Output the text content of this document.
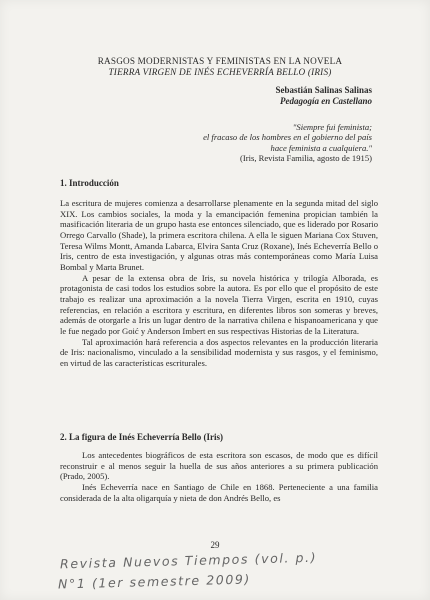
RASGOS MODERNISTAS Y FEMINISTAS EN LA NOVELA
TIERRA VIRGEN DE INÉS ECHEVERRÍA BELLO (IRIS)
Sebastián Salinas Salinas
Pedagogía en Castellano
"Siempre fui feminista;
el fracaso de los hombres en el gobierno del país
hace feminista a cualquiera."
(Iris, Revista Familia, agosto de 1915)
1. Introducción

La escritura de mujeres comienza a desarrollarse plenamente en la segunda mitad del siglo XIX. Los cambios sociales, la moda y la emancipación femenina propician también la masificación literaria de un grupo hasta ese entonces silenciado, que es liderado por Rosario Orrego Carvallo (Shade), la primera escritora chilena. A ella le siguen Mariana Cox Stuven, Teresa Wilms Montt, Amanda Labarca, Elvira Santa Cruz (Roxane), Inés Echeverría Bello o Iris, centro de esta investigación, y algunas otras más contemporáneas como María Luisa Bombal y Marta Brunet.

A pesar de la extensa obra de Iris, su novela histórica y trilogía Alborada, es protagonista de casi todos los estudios sobre la autora. Es por ello que el propósito de este trabajo es realizar una aproximación a la novela Tierra Virgen, escrita en 1910, cuyas referencias, en relación a escritora y escritura, en diferentes libros son someras y breves, además de otorgarle a Iris un lugar dentro de la narrativa chilena e hispanoamericana y que le fue negado por Goić y Anderson Imbert en sus respectivas Historias de la Literatura.

Tal aproximación hará referencia a dos aspectos relevantes en la producción literaria de Iris: nacionalismo, vinculado a la sensibilidad modernista y sus rasgos, y el feminismo, en virtud de las características escriturales.

2. La figura de Inés Echeverría Bello (Iris)

Los antecedentes biográficos de esta escritora son escasos, de modo que es difícil reconstruir e al menos seguir la huella de sus años anteriores a su primera publicación (Prado, 2005).

Inés Echeverría nace en Santiago de Chile en 1868. Perteneciente a una familia considerada de la alta oligarquía y nieta de don Andrés Bello, es

29
Revista Nuevos Tiempos (vol. p.)
N°1 (1er semestre 2009)
